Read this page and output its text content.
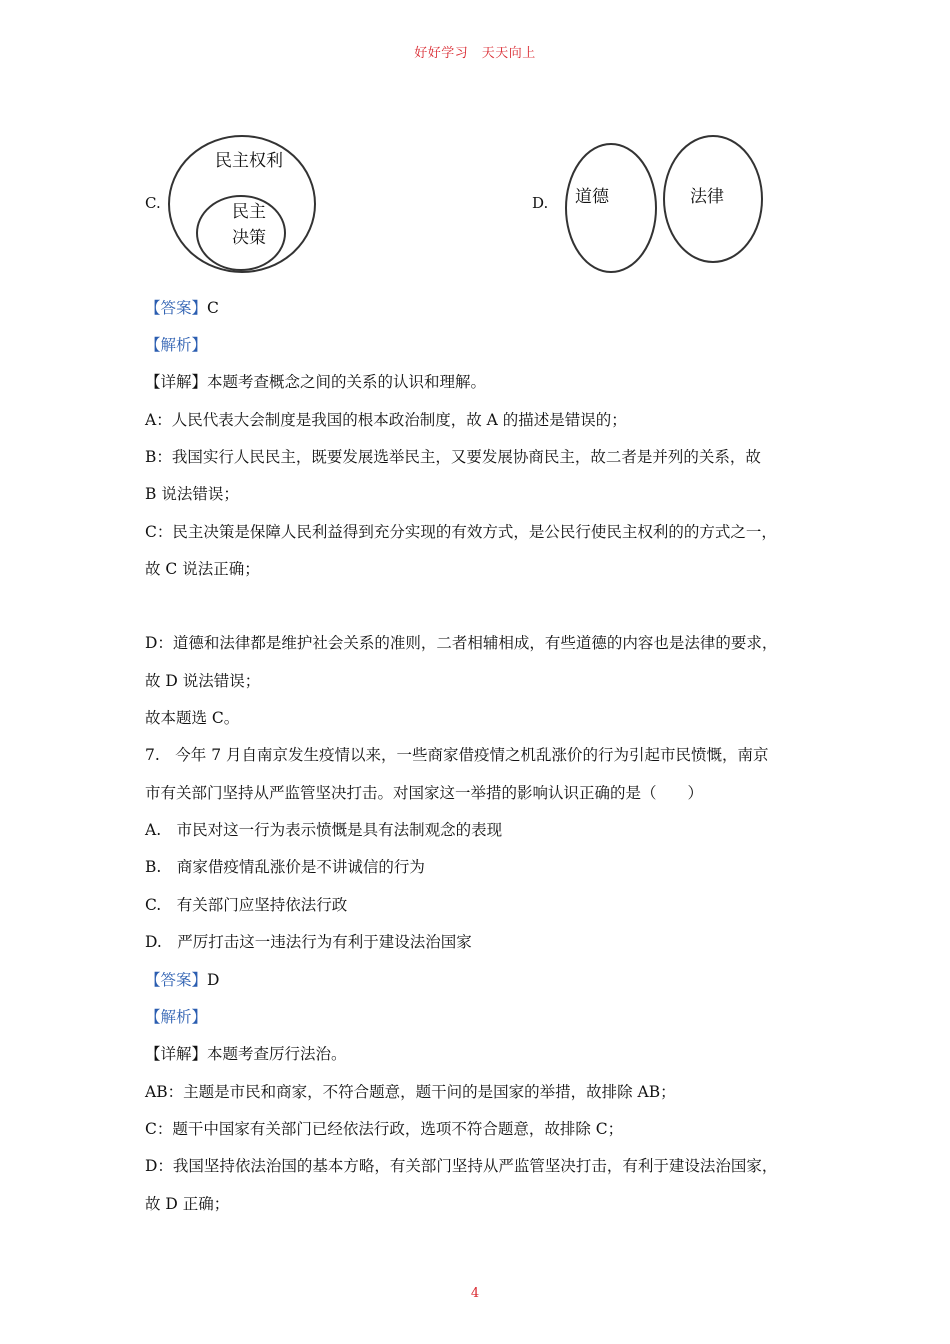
好好学习　天天向上
C.
民主权利
民主
决策
D. 道德	法律
【答案】C
【解析】
【详解】本题考查概念之间的关系的认识和理解。
A：人民代表大会制度是我国的根本政治制度，故 A 的描述是错误的；
B：我国实行人民民主，既要发展选举民主，又要发展协商民主，故二者是并列的关系，故
B 说法错误；
C：民主决策是保障人民利益得到充分实现的有效方式，是公民行使民主权利的的方式之一，
故 C 说法正确；
D：道德和法律都是维护社会关系的准则，二者相辅相成，有些道德的内容也是法律的要求，
故 D 说法错误；
故本题选 C。
7.　今年 7 月自南京发生疫情以来，一些商家借疫情之机乱涨价的行为引起市民愤慨，南京
市有关部门坚持从严监管坚决打击。对国家这一举措的影响认识正确的是（　　）
A.　市民对这一行为表示愤慨是具有法制观念的表现
B.　商家借疫情乱涨价是不讲诚信的行为
C.　有关部门应坚持依法行政
D.　严厉打击这一违法行为有利于建设法治国家
【答案】D
【解析】
【详解】本题考查厉行法治。
AB：主题是市民和商家，不符合题意，题干问的是国家的举措，故排除 AB；
C：题干中国家有关部门已经依法行政，选项不符合题意，故排除 C；
D：我国坚持依法治国的基本方略，有关部门坚持从严监管坚决打击，有利于建设法治国家，
故 D 正确；
4
